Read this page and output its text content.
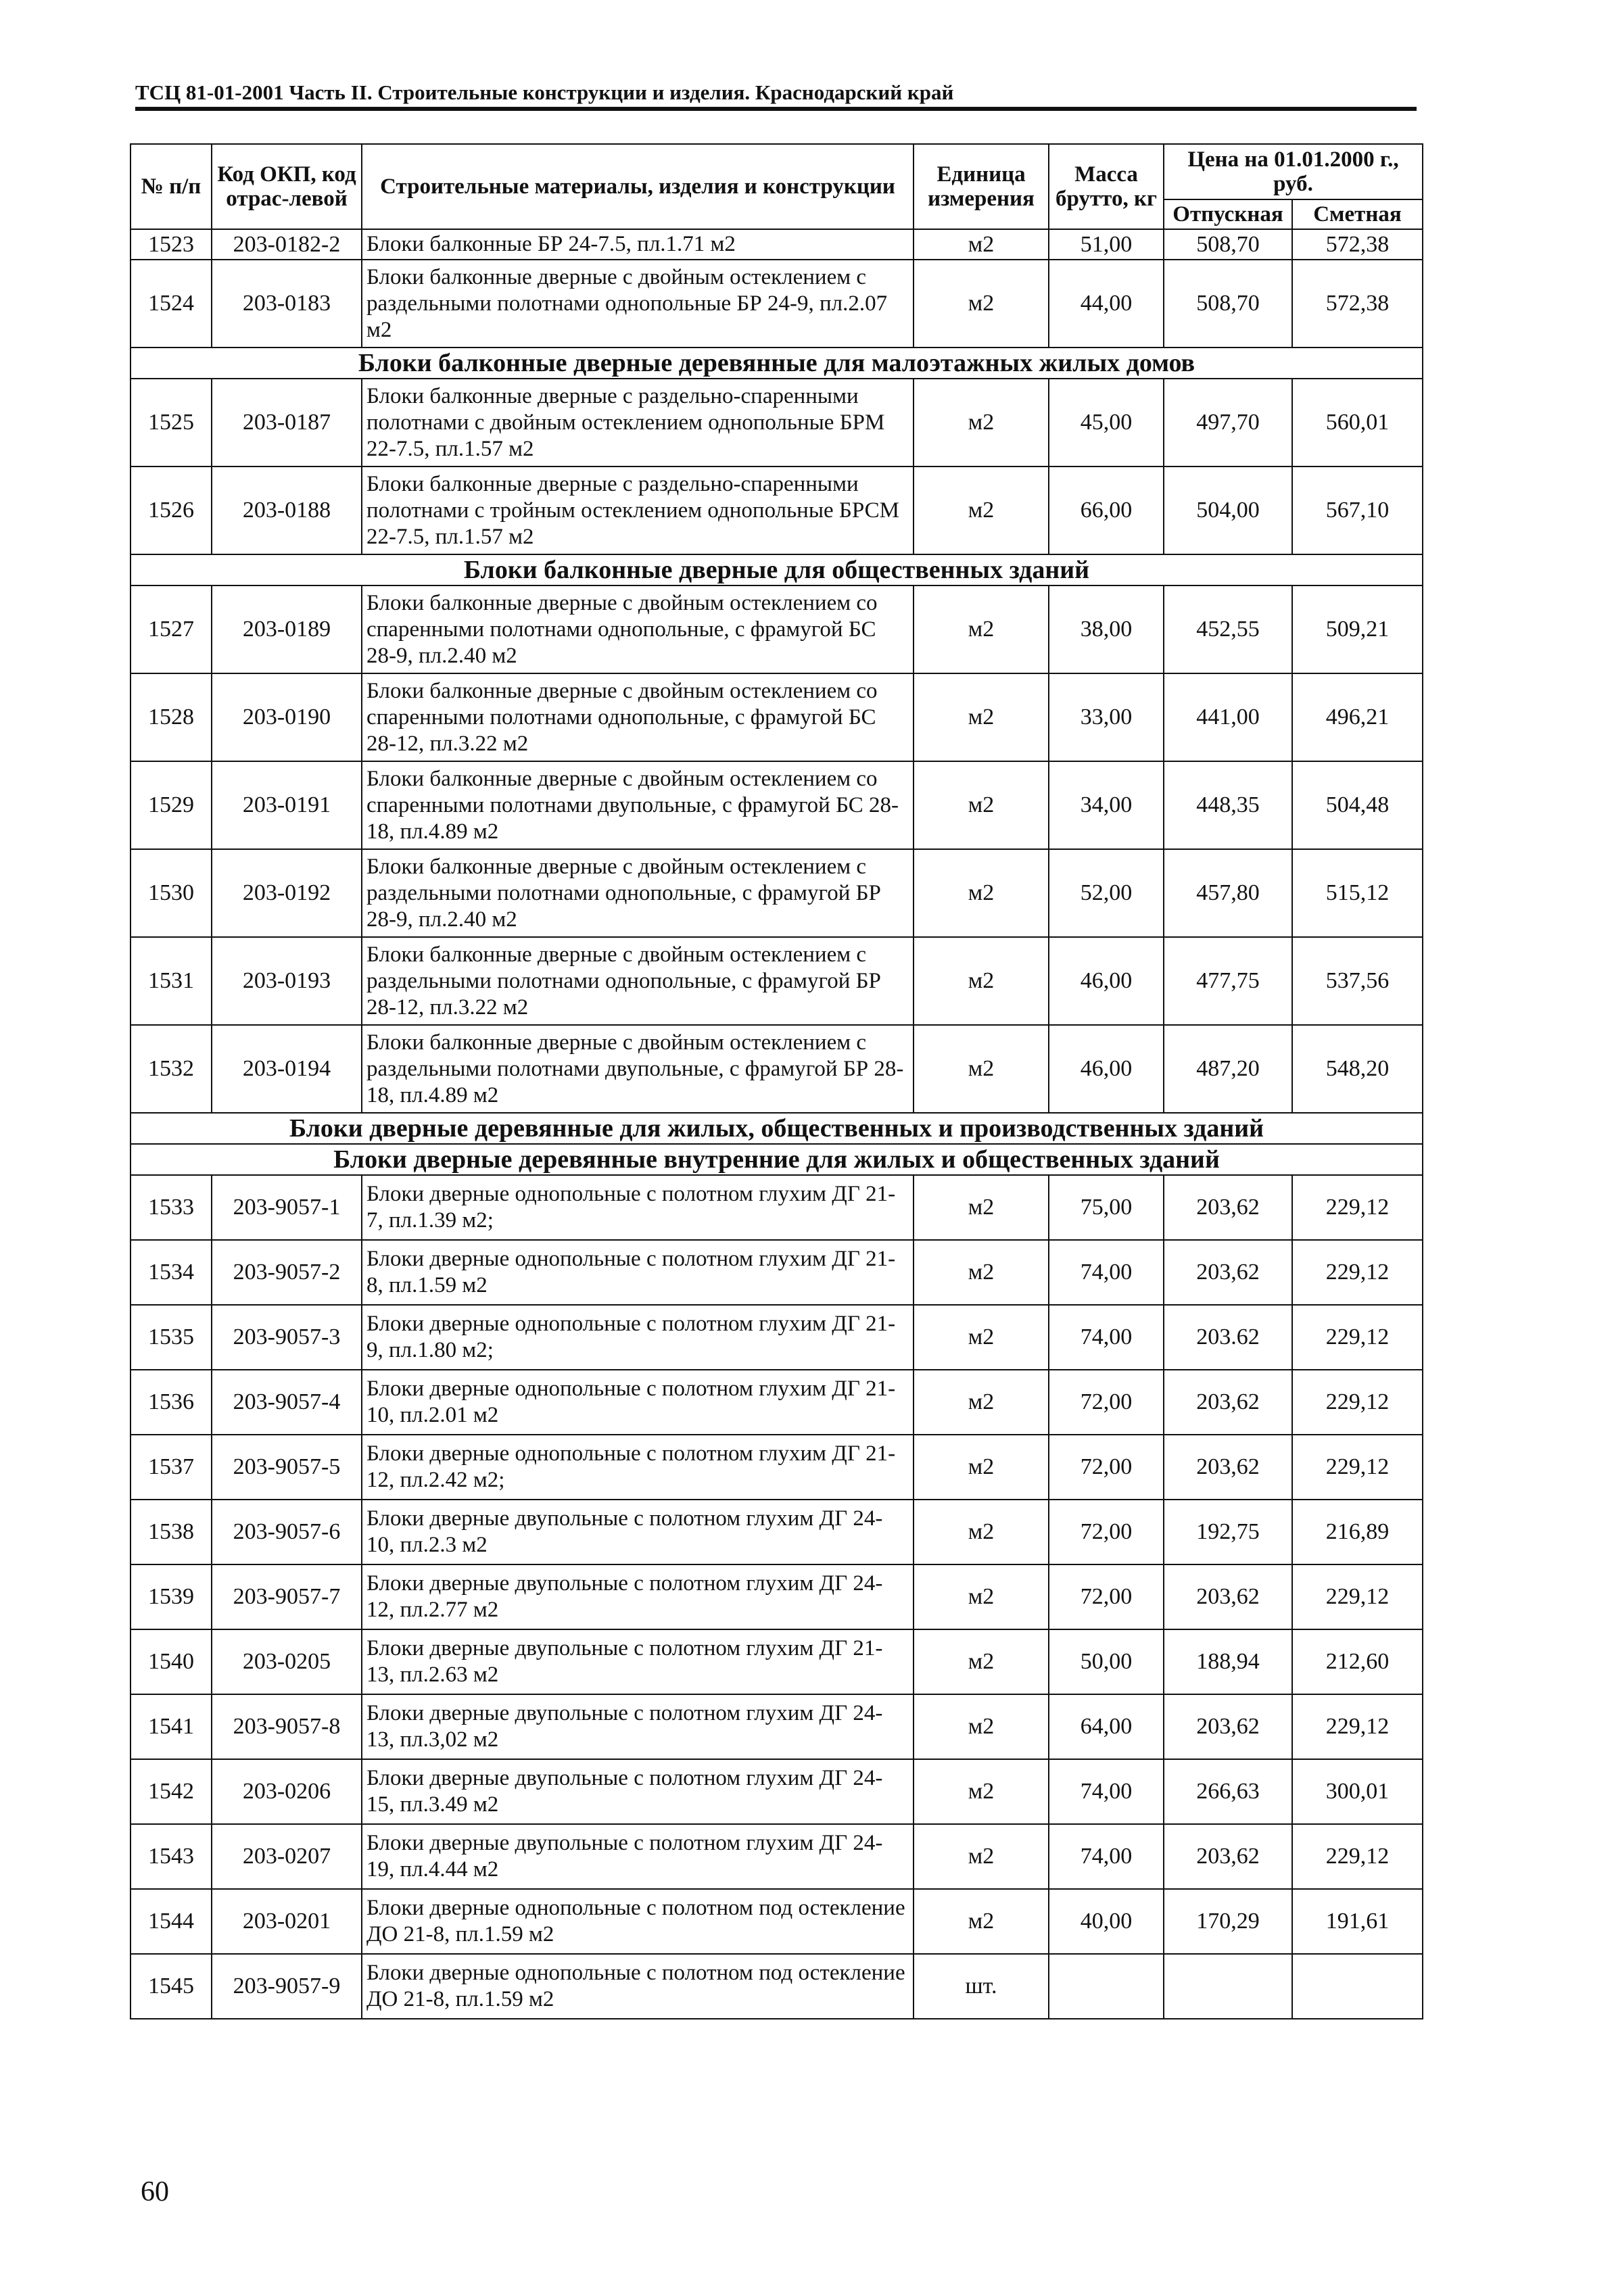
ТСЦ 81-01-2001 Часть II. Строительные конструкции и изделия. Краснодарский край
№ п/п	Код ОКП, код отрас-левой	Строительные материалы, изделия и конструкции	Единица измерения	Масса брутто, кг	Цена на 01.01.2000 г., руб.	
					Отпускная	Сметная
1523	203-0182-2	Блоки балконные БР 24-7.5, пл.1.71 м2	м2	51,00	508,70	572,38
1524	203-0183	Блоки балконные дверные с двойным остеклением с раздельными полотнами однопольные БР 24-9, пл.2.07 м2	м2	44,00	508,70	572,38
Блоки балконные дверные деревянные для малоэтажных жилых домов						
1525	203-0187	Блоки балконные дверные с раздельно-спаренными полотнами с двойным остеклением однопольные БРМ 22-7.5, пл.1.57 м2	м2	45,00	497,70	560,01
1526	203-0188	Блоки балконные дверные с раздельно-спаренными полотнами с тройным остеклением однопольные БРСМ 22-7.5, пл.1.57 м2	м2	66,00	504,00	567,10
Блоки балконные дверные для общественных зданий						
1527	203-0189	Блоки балконные дверные с двойным остеклением со спаренными полотнами однопольные, с фрамугой БС 28-9, пл.2.40 м2	м2	38,00	452,55	509,21
1528	203-0190	Блоки балконные дверные с двойным остеклением со спаренными полотнами однопольные, с фрамугой БС 28-12, пл.3.22 м2	м2	33,00	441,00	496,21
1529	203-0191	Блоки балконные дверные с двойным остеклением со спаренными полотнами двупольные, с фрамугой БС 28-18, пл.4.89 м2	м2	34,00	448,35	504,48
1530	203-0192	Блоки балконные дверные с двойным остеклением с раздельными полотнами однопольные, с фрамугой БР 28-9, пл.2.40 м2	м2	52,00	457,80	515,12
1531	203-0193	Блоки балконные дверные с двойным остеклением с раздельными полотнами однопольные, с фрамугой БР 28-12, пл.3.22 м2	м2	46,00	477,75	537,56
1532	203-0194	Блоки балконные дверные с двойным остеклением с раздельными полотнами двупольные, с фрамугой БР 28-18, пл.4.89 м2	м2	46,00	487,20	548,20
Блоки дверные деревянные для жилых, общественных и производственных зданий						
Блоки дверные деревянные внутренние для жилых и общественных зданий						
1533	203-9057-1	Блоки дверные однопольные с полотном глухим ДГ 21-7, пл.1.39 м2;	м2	75,00	203,62	229,12
1534	203-9057-2	Блоки дверные однопольные с полотном глухим ДГ 21-8, пл.1.59 м2	м2	74,00	203,62	229,12
1535	203-9057-3	Блоки дверные однопольные с полотном глухим ДГ 21-9, пл.1.80 м2;	м2	74,00	203.62	229,12
1536	203-9057-4	Блоки дверные однопольные с полотном глухим ДГ 21-10, пл.2.01 м2	м2	72,00	203,62	229,12
1537	203-9057-5	Блоки дверные однопольные с полотном глухим ДГ 21-12, пл.2.42 м2;	м2	72,00	203,62	229,12
1538	203-9057-6	Блоки дверные двупольные с полотном глухим ДГ 24-10, пл.2.3 м2	м2	72,00	192,75	216,89
1539	203-9057-7	Блоки дверные двупольные с полотном глухим ДГ 24-12, пл.2.77 м2	м2	72,00	203,62	229,12
1540	203-0205	Блоки дверные двупольные с полотном глухим ДГ 21-13, пл.2.63 м2	м2	50,00	188,94	212,60
1541	203-9057-8	Блоки дверные двупольные с полотном глухим ДГ 24-13, пл.3,02 м2	м2	64,00	203,62	229,12
1542	203-0206	Блоки дверные двупольные с полотном глухим ДГ 24-15, пл.3.49 м2	м2	74,00	266,63	300,01
1543	203-0207	Блоки дверные двупольные с полотном глухим ДГ 24-19, пл.4.44 м2	м2	74,00	203,62	229,12
1544	203-0201	Блоки дверные однопольные с полотном под остеклениe ДО 21-8, пл.1.59 м2	м2	40,00	170,29	191,61
1545	203-9057-9	Блоки дверные однопольные с полотном под остеклениe ДО 21-8, пл.1.59 м2	шт.			
60
